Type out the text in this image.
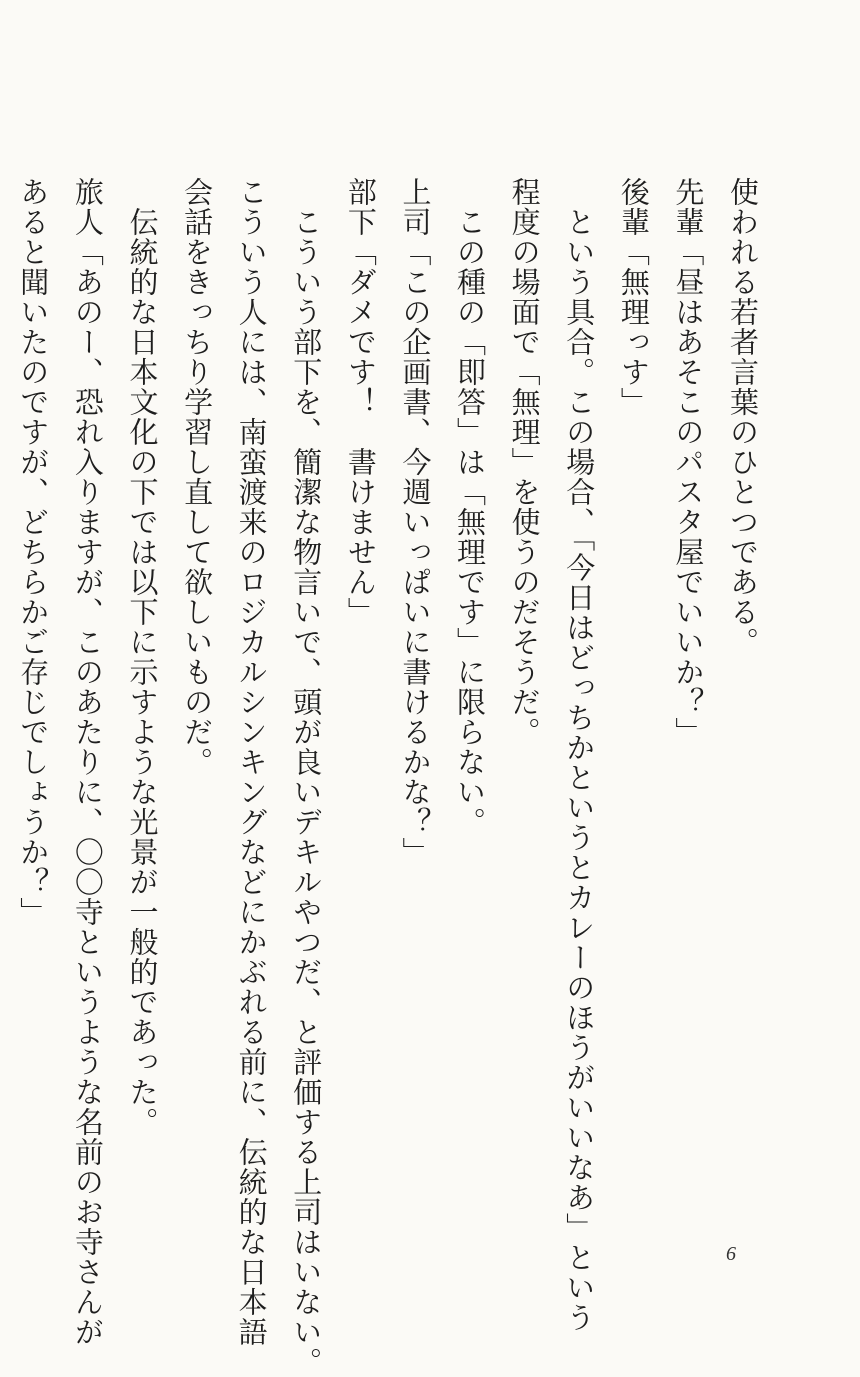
使われる若者言葉のひとつである。
先輩「昼はあそこのパスタ屋でいいか？」
後輩「無理っす」
　という具合。この場合、「今日はどっちかというとカレーのほうがいいなあ」という
程度の場面で「無理」を使うのだそうだ。
　この種の「即答」は「無理です」に限らない。
上司「この企画書、今週いっぱいに書けるかな？」
部下「ダメです！　書けません」
　こういう部下を、簡潔な物言いで、頭が良いデキルやつだ、と評価する上司はいない。
こういう人には、南蛮渡来のロジカルシンキングなどにかぶれる前に、伝統的な日本語
会話をきっちり学習し直して欲しいものだ。
　伝統的な日本文化の下では以下に示すような光景が一般的であった。
旅人「あのー、恐れ入りますが、このあたりに、〇〇寺というような名前のお寺さんが
あると聞いたのですが、どちらかご存じでしょうか？」
6
